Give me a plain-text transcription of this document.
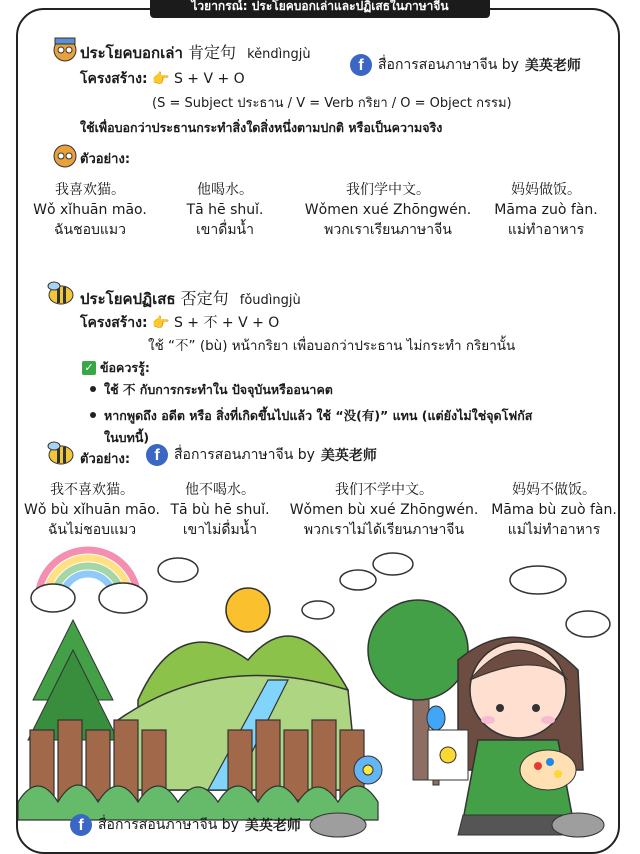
ไวยากรณ์: ประโยคบอกเล่าและปฏิเสธในภาษาจีน
ประโยคบอกเล่า 肯定句 kěndìngjù
f	สื่อการสอนภาษาจีน by 美英老师
โครงสร้าง: 👉 S + V + O
(S = Subject ประธาน / V = Verb กริยา / O = Object กรรม)
ใช้เพื่อบอกว่าประธานกระทำสิ่งใดสิ่งหนึ่งตามปกติ หรือเป็นความจริง
ตัวอย่าง:
我喜欢猫。
Wǒ xǐhuān māo.
ฉันชอบแมว
他喝水。
Tā hē shuǐ.
เขาดื่มน้ำ
我们学中文。
Wǒmen xué Zhōngwén.
พวกเราเรียนภาษาจีน
妈妈做饭。
Māma zuò fàn.
แม่ทำอาหาร
ประโยคปฏิเสธ 否定句 fǒudìngjù
โครงสร้าง: 👉 S + 不 + V + O
ใช้ “不” (bù) หน้ากริยา เพื่อบอกว่าประธาน ไม่กระทำ กริยานั้น
✓ ข้อควรรู้:
ใช้ 不 กับการกระทำใน ปัจจุบันหรืออนาคต
หากพูดถึง อดีต หรือ สิ่งที่เกิดขึ้นไปแล้ว ใช้ “没(有)” แทน (แต่ยังไม่ใช่จุดโฟกัส
ในบทนี้)
ตัวอย่าง:	f	สื่อการสอนภาษาจีน by 美英老师
我不喜欢猫。
Wǒ bù xǐhuān māo.
ฉันไม่ชอบแมว
他不喝水。
Tā bù hē shuǐ.
เขาไม่ดื่มน้ำ
我们不学中文。
Wǒmen bù xué Zhōngwén.
พวกเราไม่ได้เรียนภาษาจีน
妈妈不做饭。
Māma bù zuò fàn.
แม่ไม่ทำอาหาร
f	สื่อการสอนภาษาจีน by 美英老师
